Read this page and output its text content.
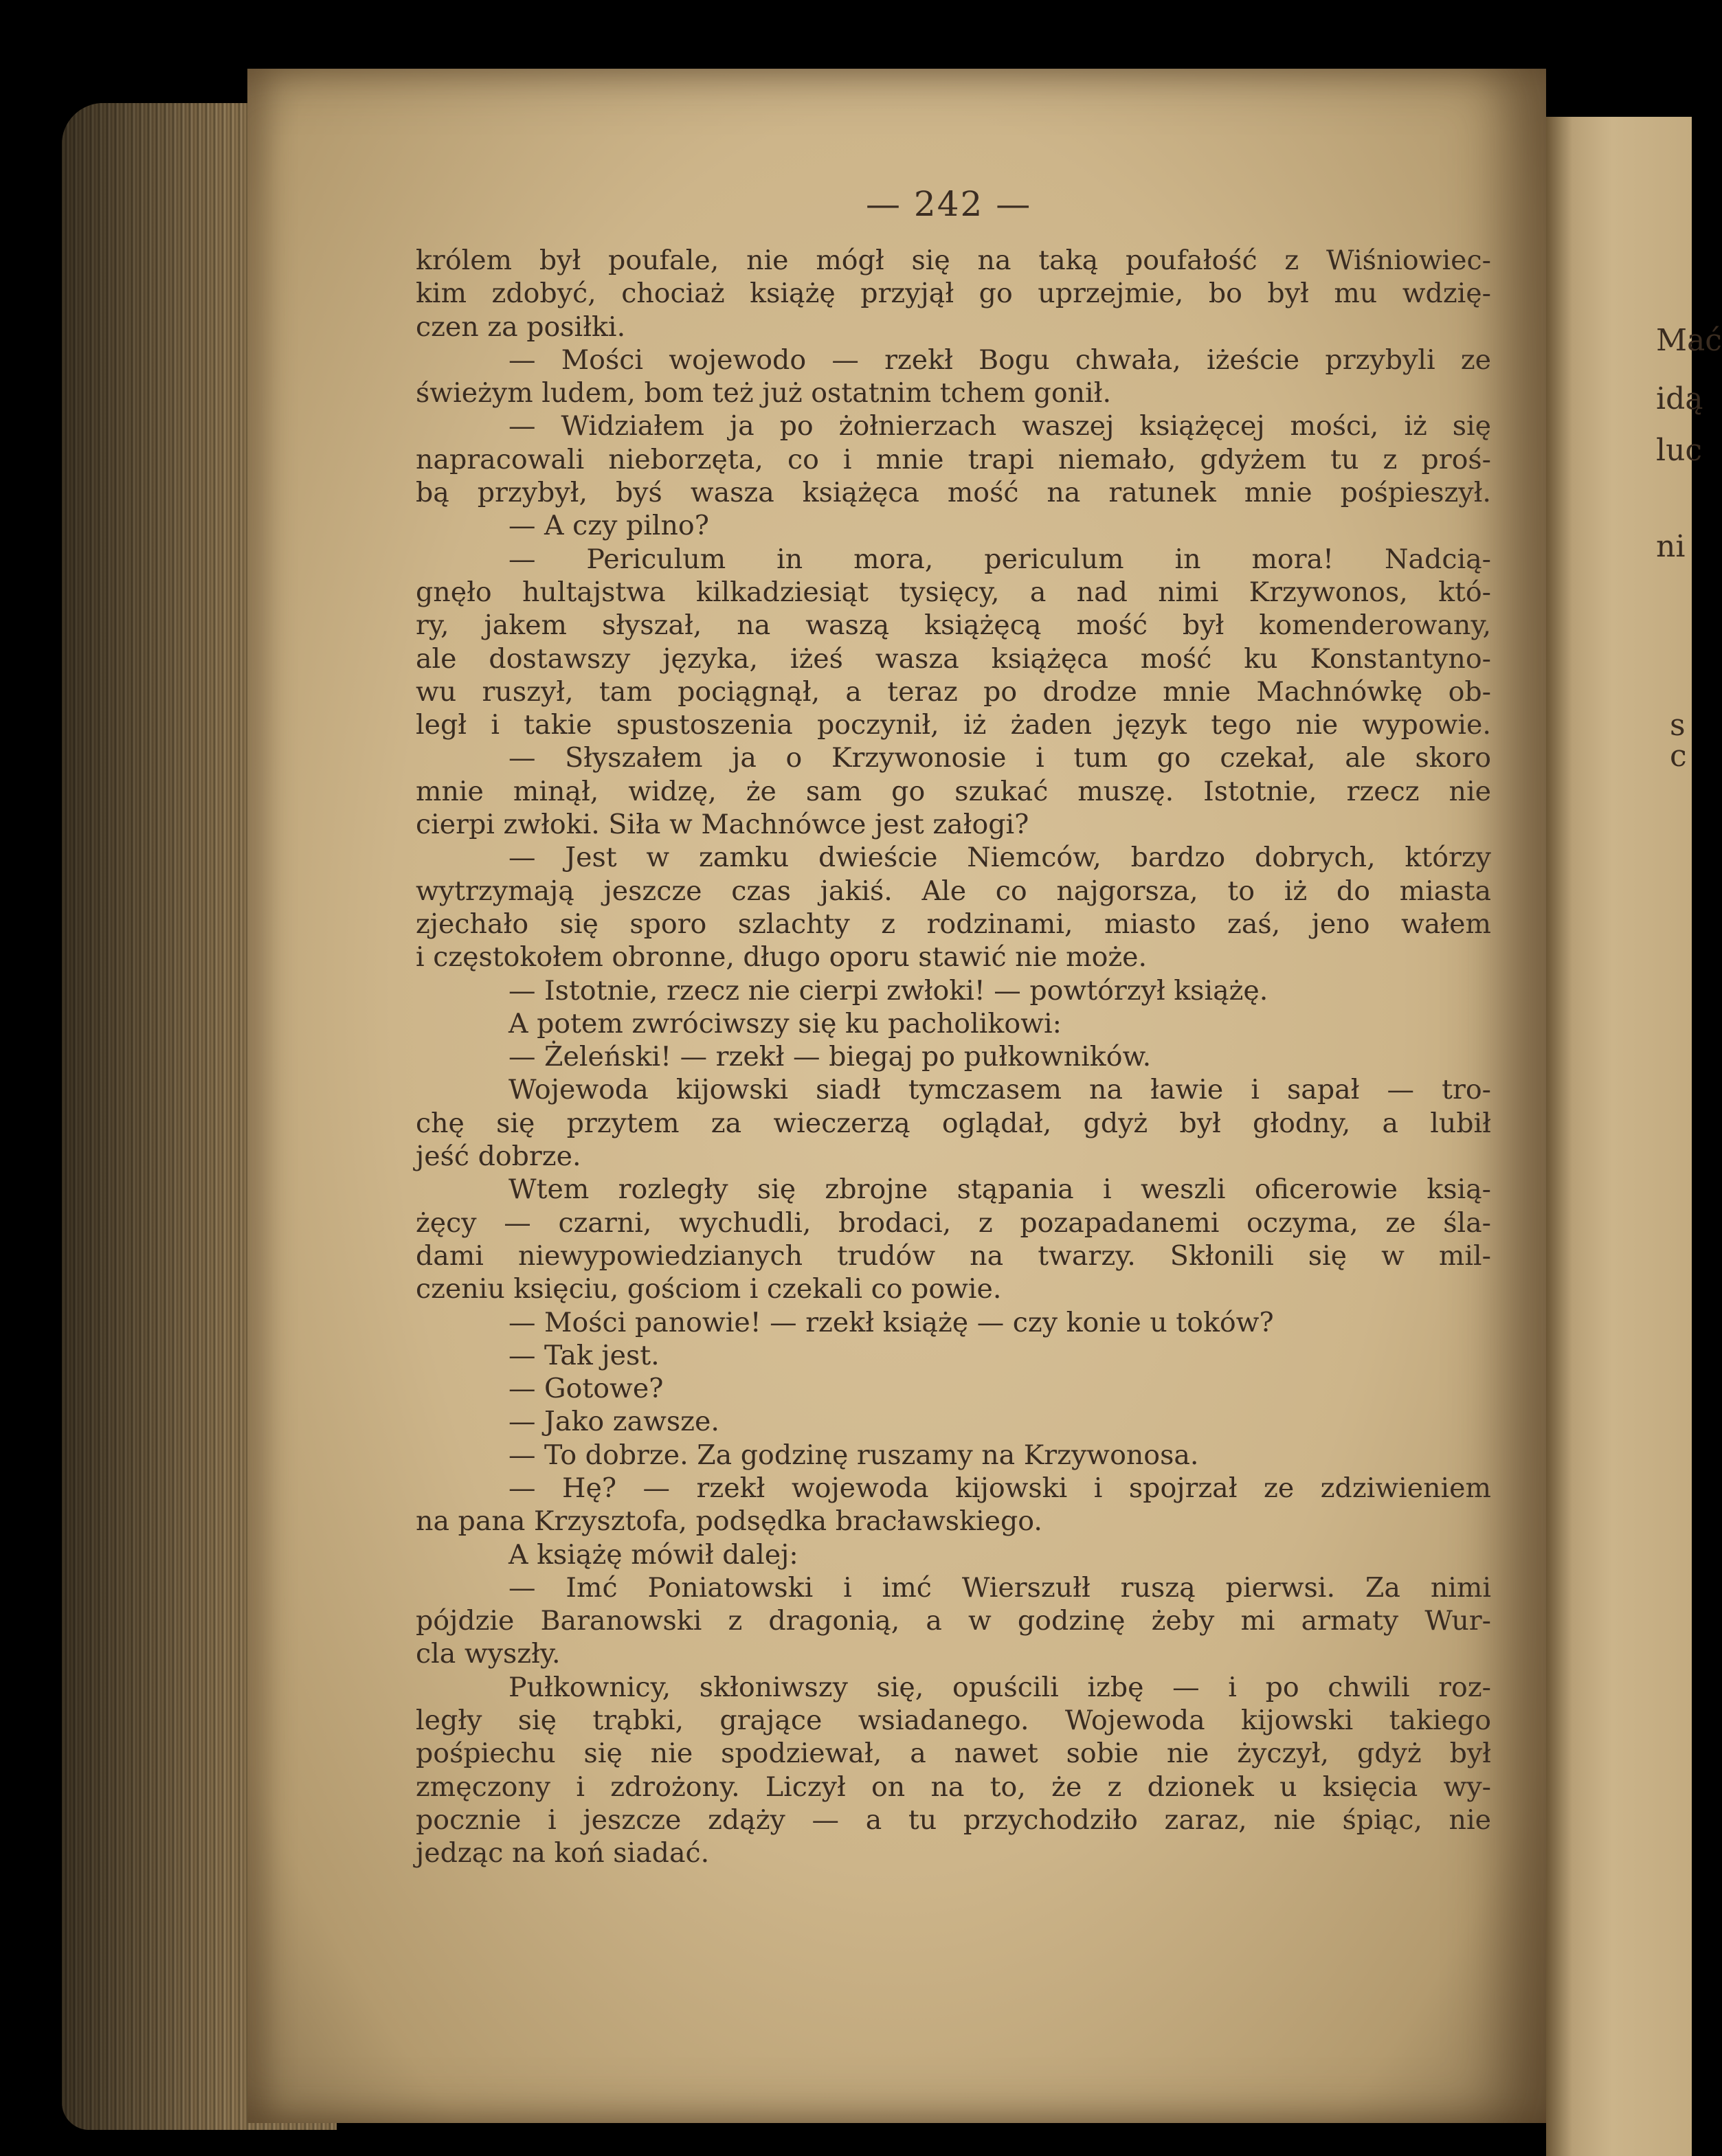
Mać
idą
luc
ni
s
c
— 242 —
królem był poufale, nie mógł się na taką poufałość z Wiśniowiec-
kim zdobyć, chociaż książę przyjął go uprzejmie, bo był mu wdzię-
czen za posiłki.
— Mości wojewodo — rzekł Bogu chwała, iżeście przybyli ze
świeżym ludem, bom też już ostatnim tchem gonił.
— Widziałem ja po żołnierzach waszej książęcej mości, iż się
napracowali nieborzęta, co i mnie trapi niemało, gdyżem tu z proś-
bą przybył, byś wasza książęca mość na ratunek mnie pośpieszył.
— A czy pilno?
— Periculum in mora, periculum in mora! Nadcią-
gnęło hultajstwa kilkadziesiąt tysięcy, a nad nimi Krzywonos, któ-
ry, jakem słyszał, na waszą książęcą mość był komenderowany,
ale dostawszy języka, iżeś wasza książęca mość ku Konstantyno-
wu ruszył, tam pociągnął, a teraz po drodze mnie Machnówkę ob-
legł i takie spustoszenia poczynił, iż żaden język tego nie wypowie.
— Słyszałem ja o Krzywonosie i tum go czekał, ale skoro
mnie minął, widzę, że sam go szukać muszę. Istotnie, rzecz nie
cierpi zwłoki. Siła w Machnówce jest załogi?
— Jest w zamku dwieście Niemców, bardzo dobrych, którzy
wytrzymają jeszcze czas jakiś. Ale co najgorsza, to iż do miasta
zjechało się sporo szlachty z rodzinami, miasto zaś, jeno wałem
i częstokołem obronne, długo oporu stawić nie może.
— Istotnie, rzecz nie cierpi zwłoki! — powtórzył książę.
A potem zwróciwszy się ku pacholikowi:
— Żeleński! — rzekł — biegaj po pułkowników.
Wojewoda kijowski siadł tymczasem na ławie i sapał — tro-
chę się przytem za wieczerzą oglądał, gdyż był głodny, a lubił
jeść dobrze.
Wtem rozległy się zbrojne stąpania i weszli oficerowie ksią-
żęcy — czarni, wychudli, brodaci, z pozapadanemi oczyma, ze śla-
dami niewypowiedzianych trudów na twarzy. Skłonili się w mil-
czeniu księciu, gościom i czekali co powie.
— Mości panowie! — rzekł książę — czy konie u toków?
— Tak jest.
— Gotowe?
— Jako zawsze.
— To dobrze. Za godzinę ruszamy na Krzywonosa.
— Hę? — rzekł wojewoda kijowski i spojrzał ze zdziwieniem
na pana Krzysztofa, podsędka bracławskiego.
A książę mówił dalej:
— Imć Poniatowski i imć Wierszułł ruszą pierwsi. Za nimi
pójdzie Baranowski z dragonią, a w godzinę żeby mi armaty Wur-
cla wyszły.
Pułkownicy, skłoniwszy się, opuścili izbę — i po chwili roz-
legły się trąbki, grające wsiadanego. Wojewoda kijowski takiego
pośpiechu się nie spodziewał, a nawet sobie nie życzył, gdyż był
zmęczony i zdrożony. Liczył on na to, że z dzionek u księcia wy-
pocznie i jeszcze zdąży — a tu przychodziło zaraz, nie śpiąc, nie
jedząc na koń siadać.
